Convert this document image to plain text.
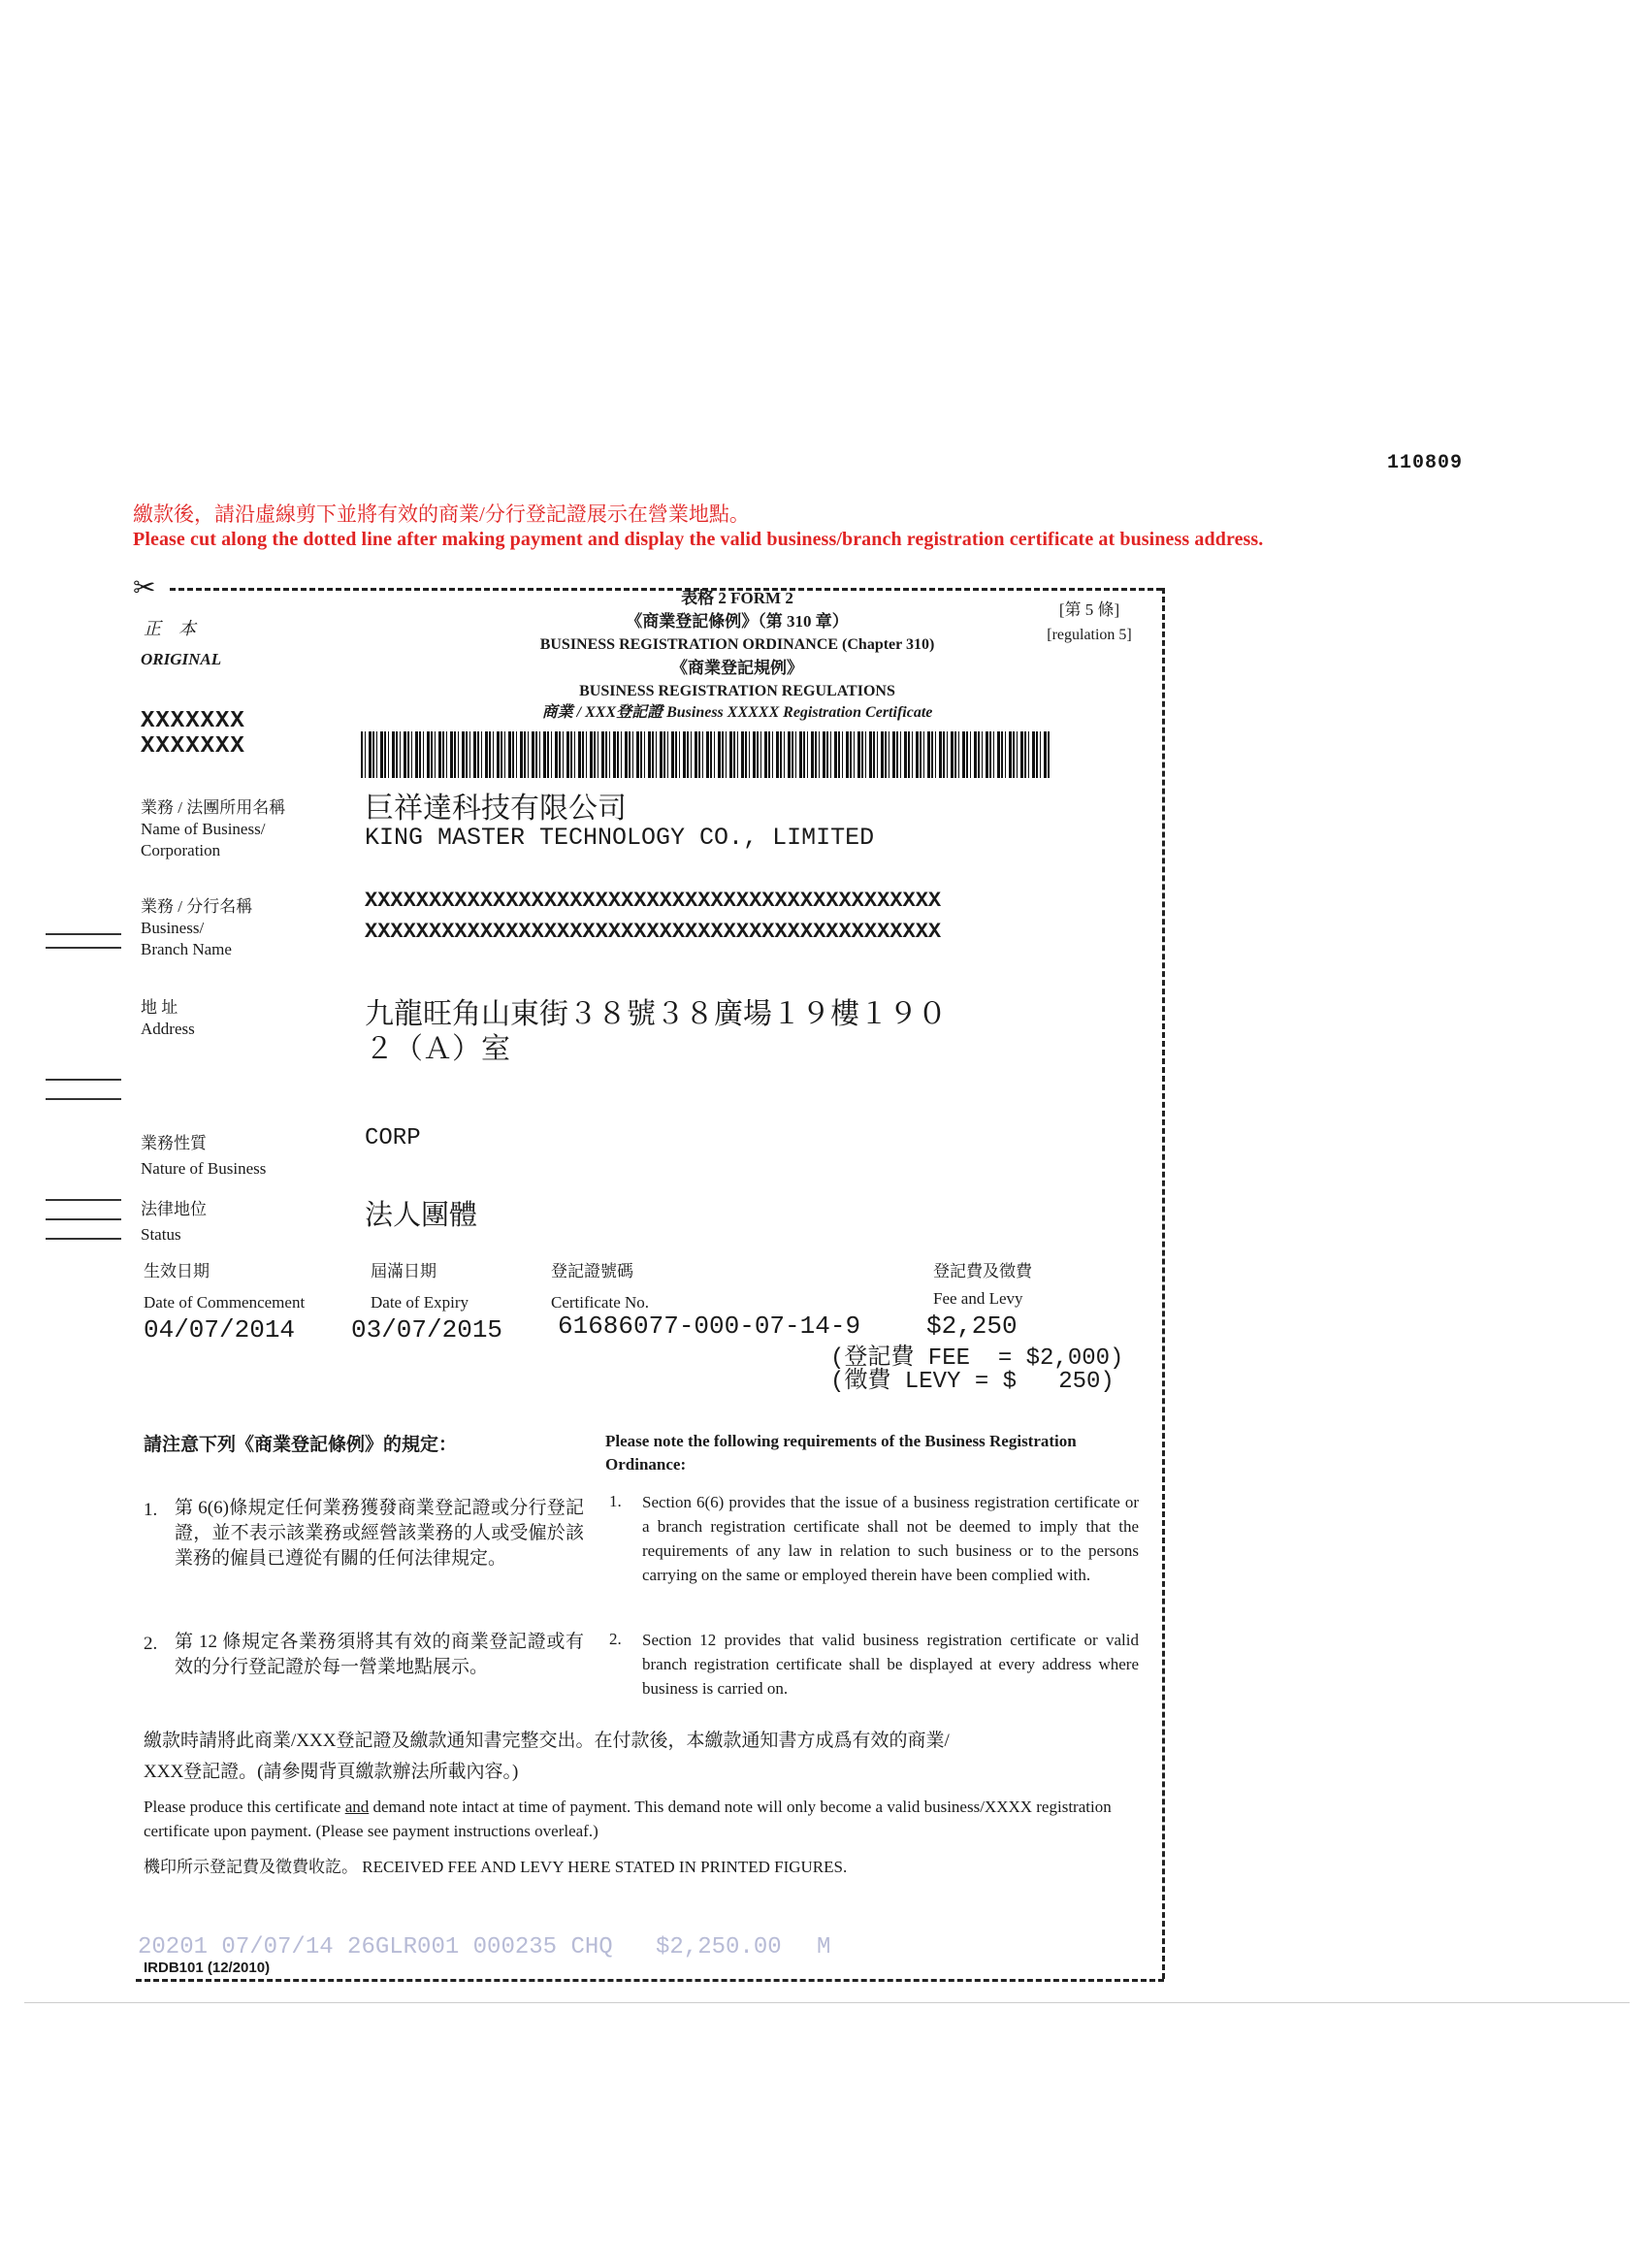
110809
繳款後，請沿虛線剪下並將有效的商業/分行登記證展示在營業地點。
Please cut along the dotted line after making payment and display the valid business/branch registration certificate at business address.
✂	表格 2 FORM 2
《商業登記條例》（第 310 章）
BUSINESS REGISTRATION ORDINANCE (Chapter 310)
《商業登記規例》
BUSINESS REGISTRATION REGULATIONS
商業 / XXX登記證 Business XXXXX Registration Certificate
[第 5 條]
[regulation 5]
正　本
ORIGINAL
XXXXXXX
XXXXXXX
業務 / 法團所用名稱
Name of Business/
Corporation
巨祥達科技有限公司
KING MASTER TECHNOLOGY CO., LIMITED
業務 / 分行名稱
Business/
Branch Name
XXXXXXXXXXXXXXXXXXXXXXXXXXXXXXXXXXXXXXXXXXXXX
XXXXXXXXXXXXXXXXXXXXXXXXXXXXXXXXXXXXXXXXXXXXX
地 址
Address	九龍旺角山東街３８號３８廣場１９樓１９０
２（Ａ）室
業務性質
Nature of Business
CORP
法律地位
Status
法人團體
生效日期
Date of Commencement
04/07/2014
屆滿日期
Date of Expiry
03/07/2015
登記證號碼
Certificate No.
61686077-000-07-14-9
登記費及徵費
Fee and Levy
$2,250
(登記費 FEE  = $2,000)
(徵費 LEVY = $   250)
請注意下列《商業登記條例》的規定：	Please note the following requirements of the Business Registration Ordinance:
1. 第 6(6)條規定任何業務獲發商業登記證或分行登記證，並不表示該業務或經營該業務的人或受僱於該業務的僱員已遵從有關的任何法律規定。
1. Section 6(6) provides that the issue of a business registration certificate or a branch registration certificate shall not be deemed to imply that the requirements of any law in relation to such business or to the persons carrying on the same or employed therein have been complied with.
2. 第 12 條規定各業務須將其有效的商業登記證或有效的分行登記證於每一營業地點展示。
2. Section 12 provides that valid business registration certificate or valid branch registration certificate shall be displayed at every address where business is carried on.
繳款時請將此商業/XXX登記證及繳款通知書完整交出。在付款後，本繳款通知書方成爲有效的商業/
XXX登記證。(請參閱背頁繳款辦法所載內容。)
Please produce this certificate and demand note intact at time of payment. This demand note will only become a valid business/XXXX registration certificate upon payment. (Please see payment instructions overleaf.)
機印所示登記費及徵費收訖。 RECEIVED FEE AND LEVY HERE STATED IN PRINTED FIGURES.
20201 07/07/14 26GLR001 000235 CHQ $2,250.00 M
IRDB101 (12/2010)
